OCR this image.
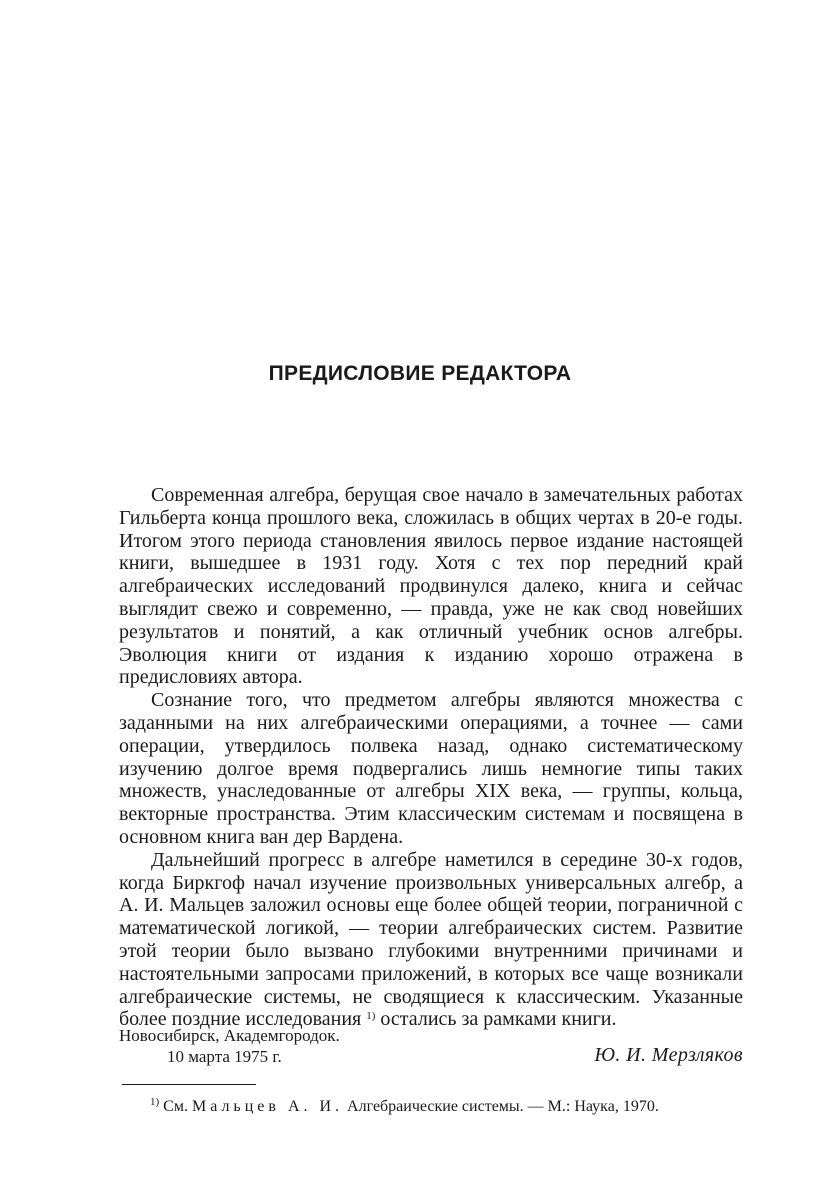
ПРЕДИСЛОВИЕ РЕДАКТОРА

Современная алгебра, берущая свое начало в замечательных работах Гильберта конца прошлого века, сложилась в общих чертах в 20-е годы. Итогом этого периода становления явилось первое издание настоящей книги, вышедшее в 1931 году. Хотя с тех пор передний край алгебраических исследований продвинулся далеко, книга и сейчас выглядит свежо и современно, — правда, уже не как свод новейших результатов и понятий, а как отличный учебник основ алгебры. Эволюция книги от издания к изданию хорошо отражена в предисловиях автора.

Сознание того, что предметом алгебры являются множества с заданными на них алгебраическими операциями, а точнее — сами операции, утвердилось полвека назад, однако систематическому изучению долгое время подвергались лишь немногие типы таких множеств, унаследованные от алгебры XIX века, — группы, кольца, векторные пространства. Этим классическим системам и посвящена в основном книга ван дер Вардена.

Дальнейший прогресс в алгебре наметился в середине 30-х годов, когда Биркгоф начал изучение произвольных универсальных алгебр, а А. И. Мальцев заложил основы еще более общей теории, пограничной с математической логикой, — теории алгебраических систем. Развитие этой теории было вызвано глубокими внутренними причинами и настоятельными запросами приложений, в которых все чаще возникали алгебраические системы, не сводящиеся к классическим. Указанные более поздние исследования $^{1)}$ остались за рамками книги.

Новосибирск, Академгородок.
10 марта 1975 г.	Ю. И. Мерзляков

$^{1)}$ См. Мальцев А. И. Алгебраические системы. — М.: Наука, 1970.
